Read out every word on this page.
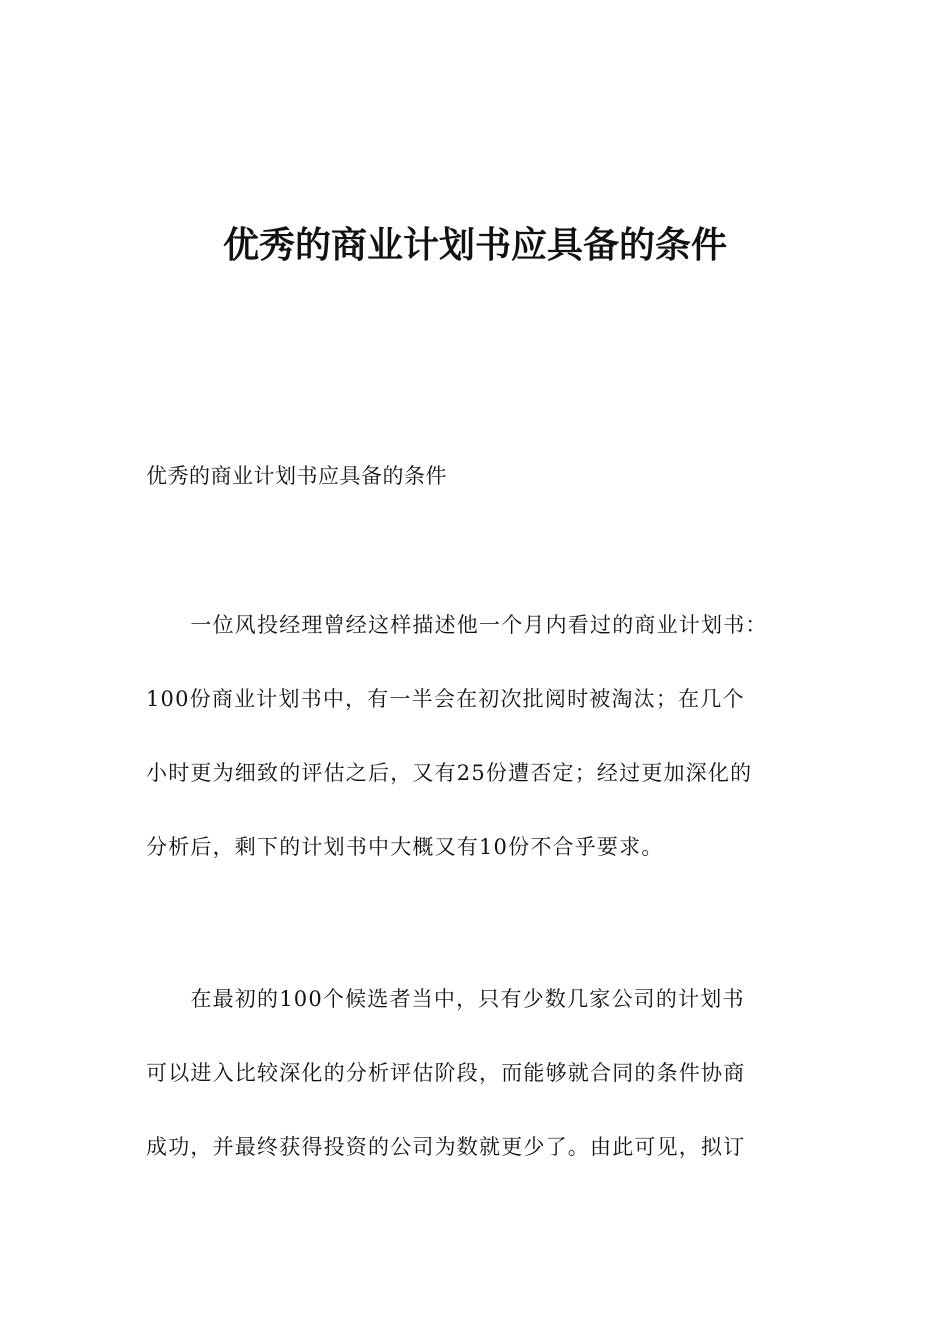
优秀的商业计划书应具备的条件

优秀的商业计划书应具备的条件

　　一位风投经理曾经这样描述他一个月内看过的商业计划书：
100份商业计划书中，有一半会在初次批阅时被淘汰；在几个
小时更为细致的评估之后，又有25份遭否定；经过更加深化的
分析后，剩下的计划书中大概又有10份不合乎要求。
　　在最初的100个候选者当中，只有少数几家公司的计划书
可以进入比较深化的分析评估阶段，而能够就合同的条件协商
成功，并最终获得投资的公司为数就更少了。由此可见，拟订
